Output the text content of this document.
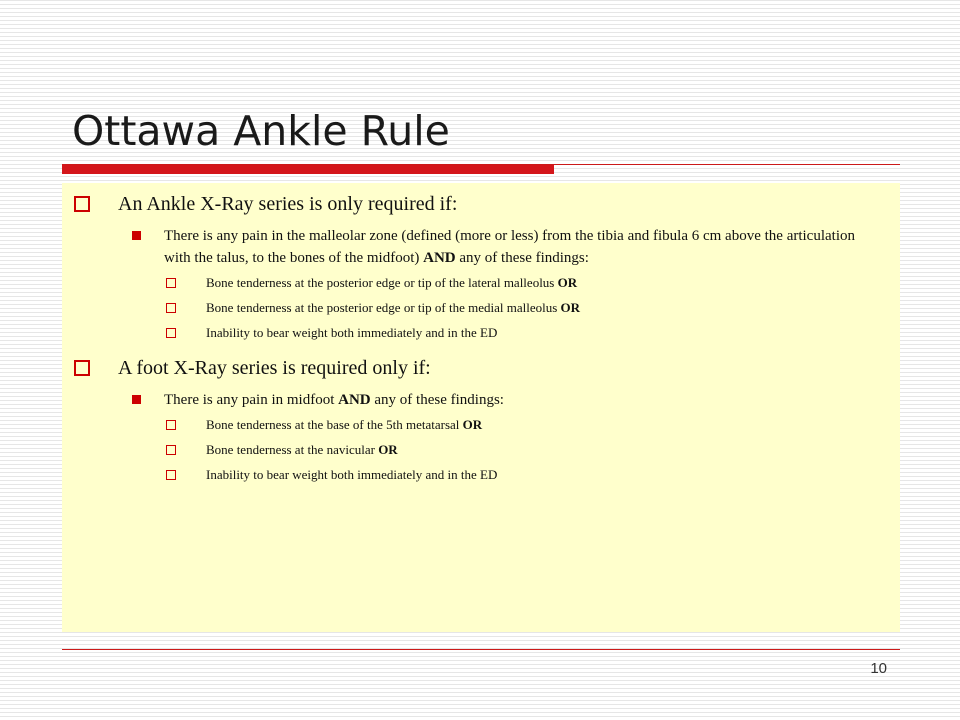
Ottawa Ankle Rule
An Ankle X-Ray series is only required if:
There is any pain in the malleolar zone (defined (more or less) from the tibia and fibula 6 cm above the articulation with the talus, to the bones of the midfoot) AND any of these findings:
Bone tenderness at the posterior edge or tip of the lateral malleolus OR
Bone tenderness at the posterior edge or tip of the medial malleolus OR
Inability to bear weight both immediately and in the ED
A foot X-Ray series is required only if:
There is any pain in midfoot AND any of these findings:
Bone tenderness at the base of the 5th metatarsal OR
Bone tenderness at the navicular OR
Inability to bear weight both immediately and in the ED
10
